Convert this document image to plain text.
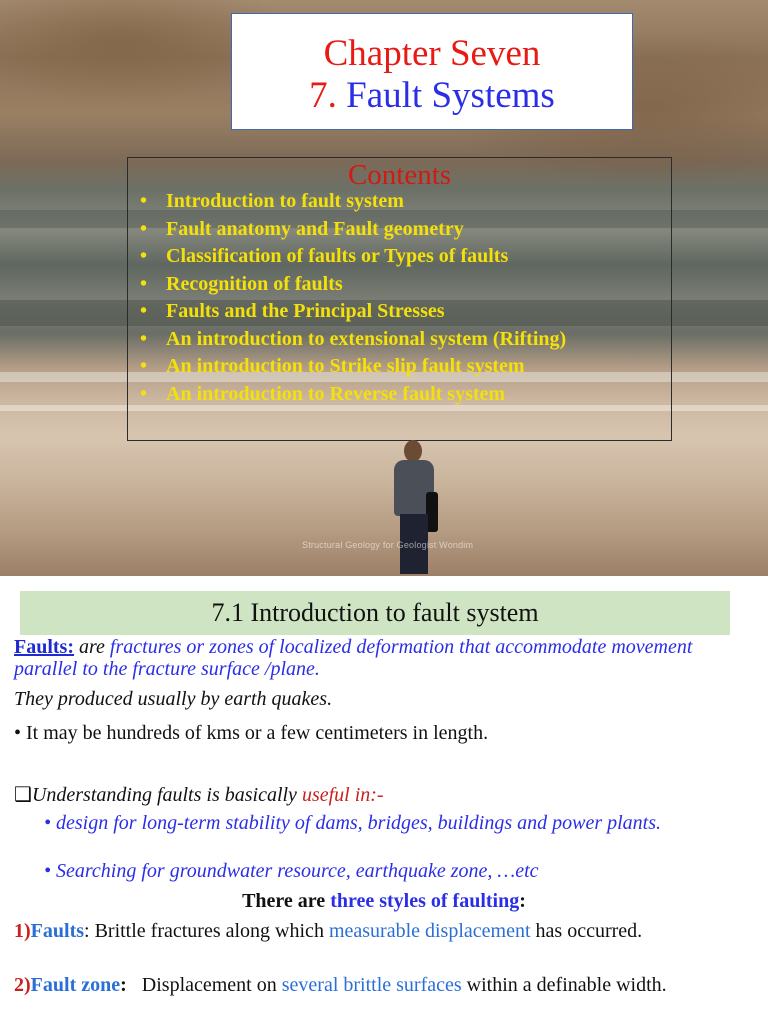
Chapter Seven
7. Fault Systems
Contents
• Introduction to fault system
• Fault anatomy and Fault geometry
• Classification of faults or Types of faults
• Recognition of faults
• Faults and the Principal Stresses
• An introduction to extensional system (Rifting)
• An introduction to Strike slip fault system
• An introduction to Reverse fault system
Structural Geology for Geologist Wondim
7.1 Introduction to fault system

Faults: are fractures or zones of localized deformation that accommodate movement parallel to the fracture surface /plane.

They produced usually by earth quakes.

• It may be hundreds of kms or a few centimeters in length.

❑Understanding faults is basically useful in:-

• design for long-term stability of dams, bridges, buildings and power plants.

• Searching for groundwater resource, earthquake zone, …etc

There are three styles of faulting:

1)Faults: Brittle fractures along which measurable displacement has occurred.

2)Fault zone: Displacement on several brittle surfaces within a definable width.
